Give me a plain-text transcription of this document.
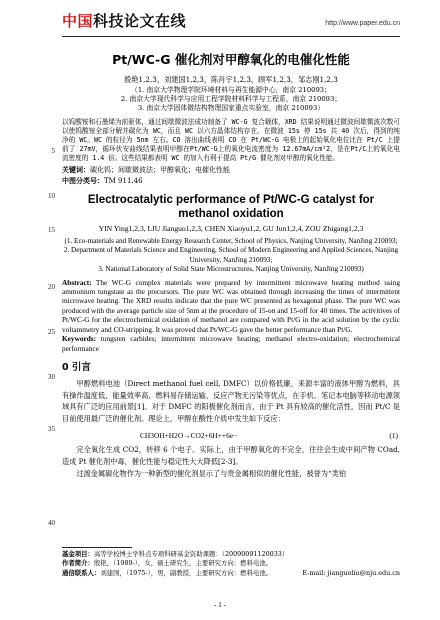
中国科技论文在线	http://www.paper.edu.cn
5
10
15
20
25
30
35
40
Pt/WC-G 催化剂对甲醇氧化的电催化性能
殷艳1,2,3，刘建国1,2,3，陈肖宇1,2,3，顾军1,2,3，邹志刚1,2,3
（1. 南京大学物理学院环境材料与再生能源中心，南京 210093；
2. 南京大学现代科学与应用工程学院材料科学与工程系，南京 210093；
3. 南京大学固体微结构物理国家重点实验室，南京 210093）
以钨酸铵和石墨烯为前驱体，通过间歇微波法成功制备了 WC-G 复合载体，XRD 结果说明通过微波间歇微波次数可以使钨酸铵全部分解并碳化为 WC，而且 WC 以六方晶体结构存在。在微波 15s 停 15s 共 40 次后，得到的纯净的 WC。WC 的粒径为 5nm 左右。CO 溶出曲线表明 CO 在 Pt/WC-G 电极上的起始氧化电位比在 Pt/C 上提前了 27mV，循环伏安曲线结果表明甲醇在Pt/WC-G上的氧化电流密度为 12.67mA/cm²2，是在Pt/C上的氧化电流密度的 1.4 倍。这些结果都表明 WC 的加入有利于提高 Pt/G 催化剂对甲醇的氧化性能。
关键词：碳化钨；间歇微波法；甲醇氧化；电催化性能
中图分类号：TM 911.46
Electrocatalytic performance of Pt/WC-G catalyst for methanol oxidation
YIN Ying1,2,3, LIU Jianguo1,2,3, CHEN Xiaoyu1,2, GU Jun1,2,4, ZOU Zhigang1,2,3
(1. Eco-materials and Renewable Energy Research Center, School of Physics, Nanjing University, NanJing 210093;
2. Department of Materials Science and Engineering, School of Modern Engineering and Applied Sciences, Nanjing University, NanJing 210093;
3. National Laboratory of Solid State Microstructures, Nanjing University, NanJing 210093)
Abstract: The WC-G complex materials were prepared by intermittent microwave heating method using ammonium tungstate as the precursors. The pure WC was obtained through increasing the times of intermittent microwave heating. The XRD results indicate that the pure WC presented as hexagonal phase. The pure WC was produced with the average particle size of 5nm at the procedure of 15-on and 15-off for 40 times. The activitives of Pt/WC-G for the electrochemical oxidation of methanol are compared with Pt/G in the acid solution by the cyclic voltammetry and CO-stripping. It was proved that Pt/WC-G gave the better performance than Pt/G.
Keywords: tungsten carbides; intermittent microwave heating; methanol electro-oxidation; electrochemical performance
0 引言
甲醇燃料电池（Direct methanol fuel cell, DMFC）以价格低廉、来源丰富的液体甲醇为燃料，具有操作温度低、能量效率高、燃料易存储运输、反应产物无污染等优点，在手机、笔记本电脑等移动电源领域具有广泛的应用前景[1]。对于 DMFC 的阳极催化剂而言，由于 Pt 具有较高的催化活性，因而 Pt/C 是目前使用最广泛的催化剂。理论上，甲醇在酸性介质中发生如下反应：
CH3OH+H2O→CO2+6H++6e−	(1)
完全氧化生成 CO2，转移 6 个电子。实际上，由于甲醇氧化的不完全，往往会生成中间产物 COad,造成 Pt 催化剂中毒，催化性能与稳定性大大降低[2-3]。
过渡金属碳化物作为一种新型的催化剂显示了与贵金属相似的催化性能，被誉为“类铂
基金项目：高等学校博士学科点专项科研基金资助课题：（20090091120033）
作者简介：殷艳，（1989-），女，硕士研究生，主要研究方向：燃料电池。
通信联系人：刘建国，（1975-），男，副教授，主要研究方向：燃料电池。	E-mail: jianguoliu@nju.edu.cn
- 1 -
